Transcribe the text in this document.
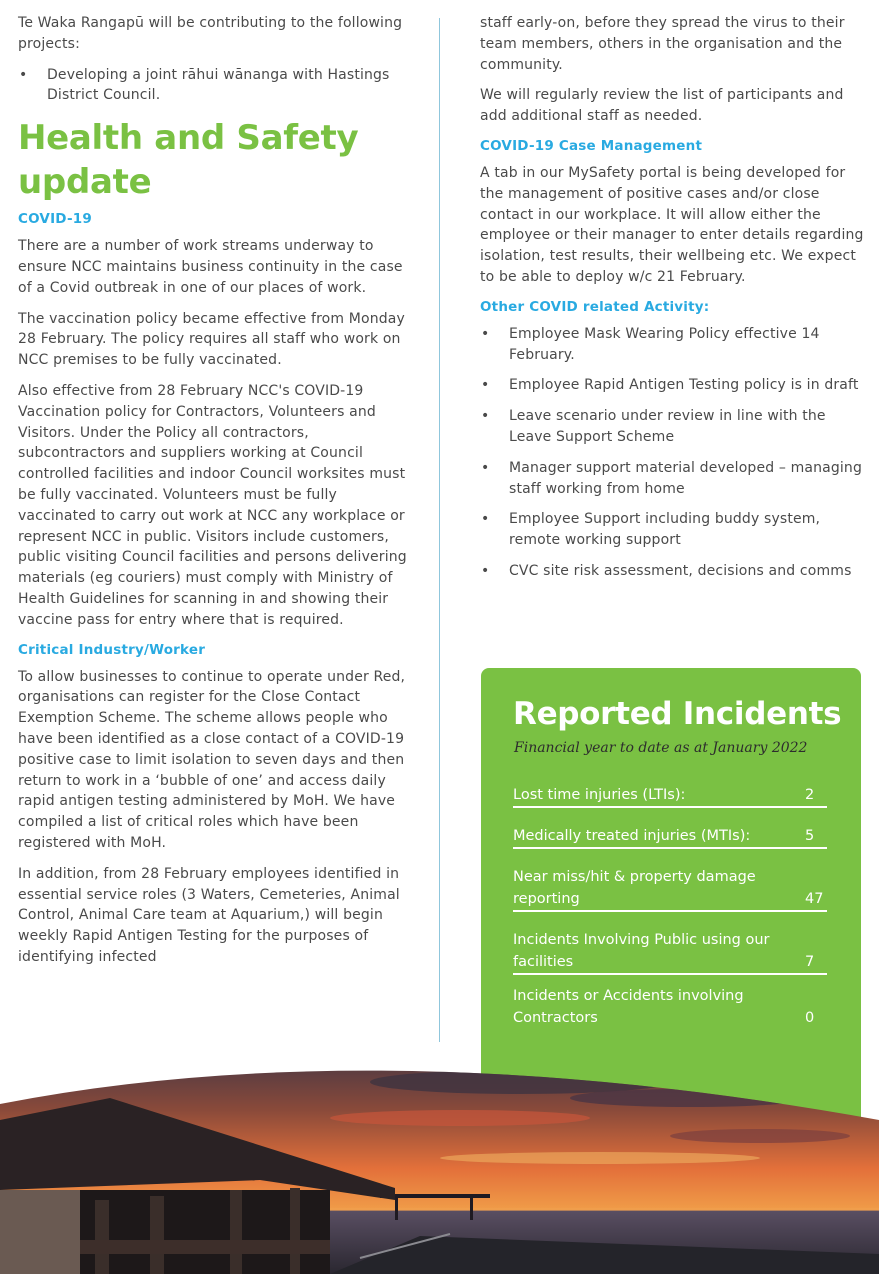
Te Waka Rangapū will be contributing to the following projects:

• Developing a joint rāhui wānanga with Hastings District Council.
Health and Safety update
COVID-19

There are a number of work streams underway to ensure NCC maintains business continuity in the case of a Covid outbreak in one of our places of work.

The vaccination policy became effective from Monday 28 February. The policy requires all staff who work on NCC premises to be fully vaccinated.

Also effective from 28 February NCC's COVID-19 Vaccination policy for Contractors, Volunteers and Visitors. Under the Policy all contractors, subcontractors and suppliers working at Council controlled facilities and indoor Council worksites must be fully vaccinated. Volunteers must be fully vaccinated to carry out work at NCC any workplace or represent NCC in public. Visitors include customers, public visiting Council facilities and persons delivering materials (eg couriers) must comply with Ministry of Health Guidelines for scanning in and showing their vaccine pass for entry where that is required.

Critical Industry/Worker

To allow businesses to continue to operate under Red, organisations can register for the Close Contact Exemption Scheme. The scheme allows people who have been identified as a close contact of a COVID-19 positive case to limit isolation to seven days and then return to work in a ‘bubble of one’ and access daily rapid antigen testing administered by MoH. We have compiled a list of critical roles which have been registered with MoH.

In addition, from 28 February employees identified in essential service roles (3 Waters, Cemeteries, Animal Control, Animal Care team at Aquarium,) will begin weekly Rapid Antigen Testing for the purposes of identifying infected

staff early-on, before they spread the virus to their team members, others in the organisation and the community.

We will regularly review the list of participants and add additional staff as needed.

COVID-19 Case Management

A tab in our MySafety portal is being developed for the management of positive cases and/or close contact in our workplace. It will allow either the employee or their manager to enter details regarding isolation, test results, their wellbeing etc. We expect to be able to deploy w/c 21 February.

Other COVID related Activity:
• Employee Mask Wearing Policy effective 14 February.
• Employee Rapid Antigen Testing policy is in draft
• Leave scenario under review in line with the Leave Support Scheme
• Manager support material developed – managing staff working from home
• Employee Support including buddy system, remote working support
• CVC site risk assessment, decisions and comms
Reported Incidents
Financial year to date as at January 2022
Lost time injuries (LTIs):	2
Medically treated injuries (MTIs):	5
Near miss/hit & property damage reporting	47
Incidents Involving Public using our facilities	7
Incidents or Accidents involving Contractors	0
